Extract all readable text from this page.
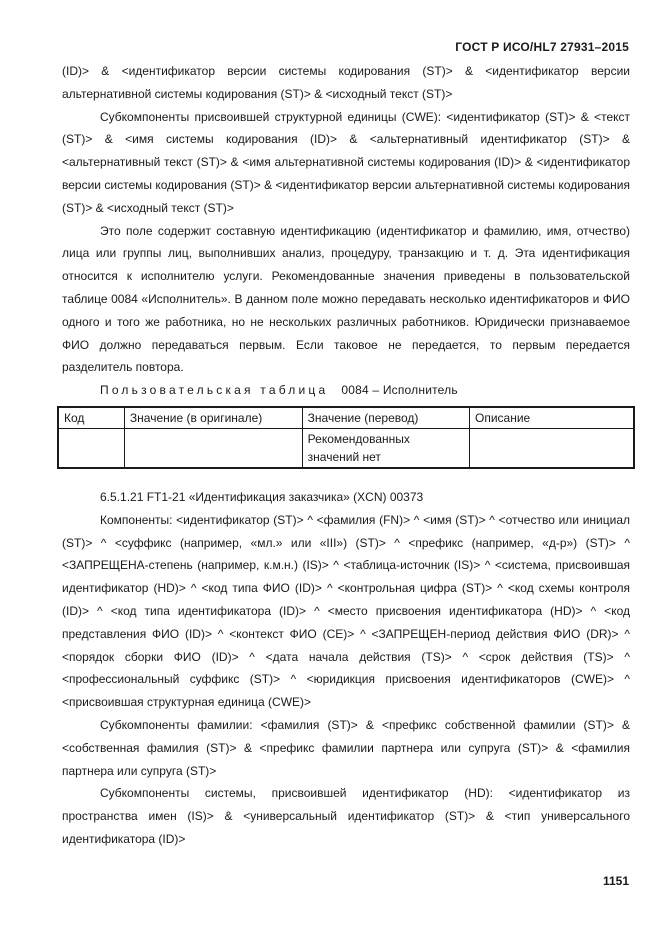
ГОСТ Р ИСО/HL7 27931–2015

(ID)> & <идентификатор версии системы кодирования (ST)> & <идентификатор версии альтернативной системы кодирования (ST)> & <исходный текст (ST)>

Субкомпоненты присвоившей структурной единицы (CWE): <идентификатор (ST)> & <текст (ST)> & <имя системы кодирования (ID)> & <альтернативный идентификатор (ST)> & <альтернативный текст (ST)> & <имя альтернативной системы кодирования (ID)> & <идентификатор версии системы кодирования (ST)> & <идентификатор версии альтернативной системы кодирования (ST)> & <исходный текст (ST)>

Это поле содержит составную идентификацию (идентификатор и фамилию, имя, отчество) лица или группы лиц, выполнивших анализ, процедуру, транзакцию и т. д. Эта идентификация относится к исполнителю услуги. Рекомендованные значения приведены в пользовательской таблице 0084 «Исполнитель». В данном поле можно передавать несколько идентификаторов и ФИО одного и того же работника, но не нескольких различных работников. Юридически признаваемое ФИО должно передаваться первым. Если таковое не передается, то первым передается разделитель повтора.

Пользовательская таблица 0084 – Исполнитель

Код	Значение (в оригинале)	Значение (перевод)	Описание
		Рекомендованных значений нет	

6.5.1.21 FT1-21 «Идентификация заказчика» (XCN) 00373

Компоненты: <идентификатор (ST)> ^ <фамилия (FN)> ^ <имя (ST)> ^ <отчество или инициал (ST)> ^ <суффикс (например, «мл.» или «III») (ST)> ^ <префикс (например, «д-р») (ST)> ^ <ЗАПРЕЩЕНА-степень (например, к.м.н.) (IS)> ^ <таблица-источник (IS)> ^ <система, присвоившая идентификатор (HD)> ^ <код типа ФИО (ID)> ^ <контрольная цифра (ST)> ^ <код схемы контроля (ID)> ^ <код типа идентификатора (ID)> ^ <место присвоения идентификатора (HD)> ^ <код представления ФИО (ID)> ^ <контекст ФИО (CE)> ^ <ЗАПРЕЩЕН-период действия ФИО (DR)> ^ <порядок сборки ФИО (ID)> ^ <дата начала действия (TS)> ^ <срок действия (TS)> ^ <профессиональный суффикс (ST)> ^ <юридикция присвоения идентификаторов (CWE)> ^ <присвоившая структурная единица (CWE)>

Субкомпоненты фамилии: <фамилия (ST)> & <префикс собственной фамилии (ST)> & <собственная фамилия (ST)> & <префикс фамилии партнера или супруга (ST)> & <фамилия партнера или супруга (ST)>

Субкомпоненты системы, присвоившей идентификатор (HD): <идентификатор из пространства имен (IS)> & <универсальный идентификатор (ST)> & <тип универсального идентификатора (ID)>

1151
